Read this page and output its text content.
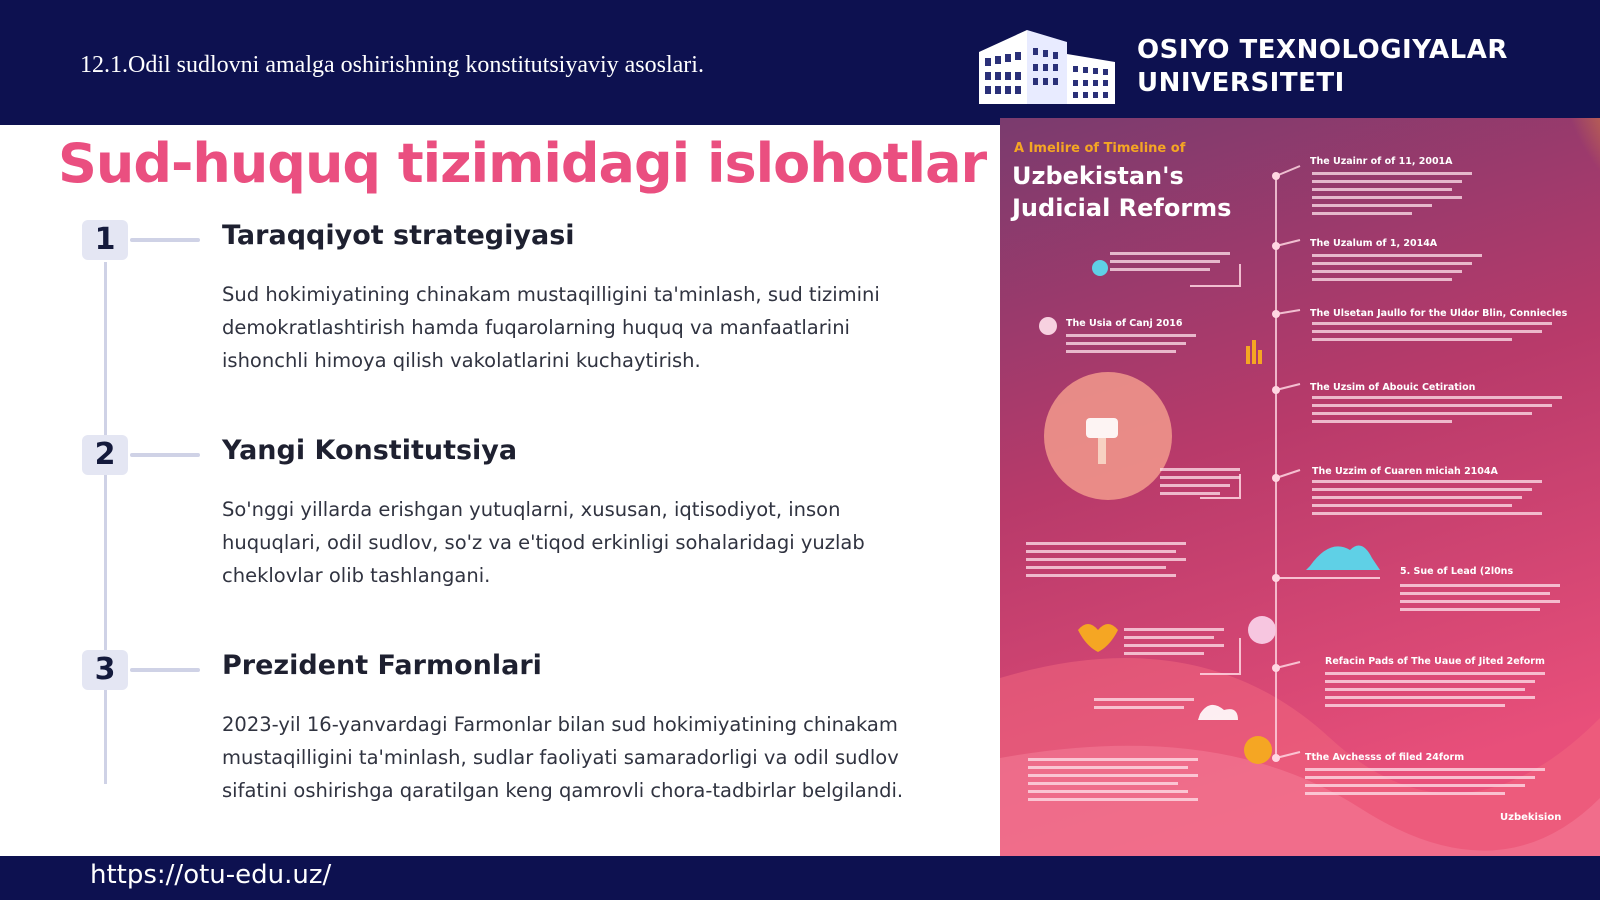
12.1.Odil sudlovni amalga oshirishning konstitutsiyaviy asoslari.	OSIYO TEXNOLOGIYALAR
UNIVERSITETI
Sud-huquq tizimidagi islohotlar
1	Taraqqiyot strategiyasi
Sud hokimiyatining chinakam mustaqilligini ta'minlash, sud tizimini demokratlashtirish hamda fuqarolarning huquq va manfaatlarini ishonchli himoya qilish vakolatlarini kuchaytirish.
2	Yangi Konstitutsiya
So'nggi yillarda erishgan yutuqlarni, xususan, iqtisodiyot, inson huquqlari, odil sudlov, so'z va e'tiqod erkinligi sohalaridagi yuzlab cheklovlar olib tashlangani.
3	Prezident Farmonlari
2023-yil 16-yanvardagi Farmonlar bilan sud hokimiyatining chinakam mustaqilligini ta'minlash, sudlar faoliyati samaradorligi va odil sudlov sifatini oshirishga qaratilgan keng qamrovli chora-tadbirlar belgilandi.
A Imelire of Timeline of
Uzbekistan's
Judicial Reforms
The Uzainr of of 11, 2001A
The Uzalum of 1, 2014A
The Ulsetan Jaullo for the Uldor Blin, Conniecles
The Uzsim of Abouic Cetiration
The Uzzim of Cuaren miciah 2104A
5. Sue of Lead (2l0ns
Refacin Pads of The Uaue of Jited 2eform
Tthe Avchesss of filed 24form
The Usia of Canj 2016
Uzbekision
https://otu-edu.uz/
